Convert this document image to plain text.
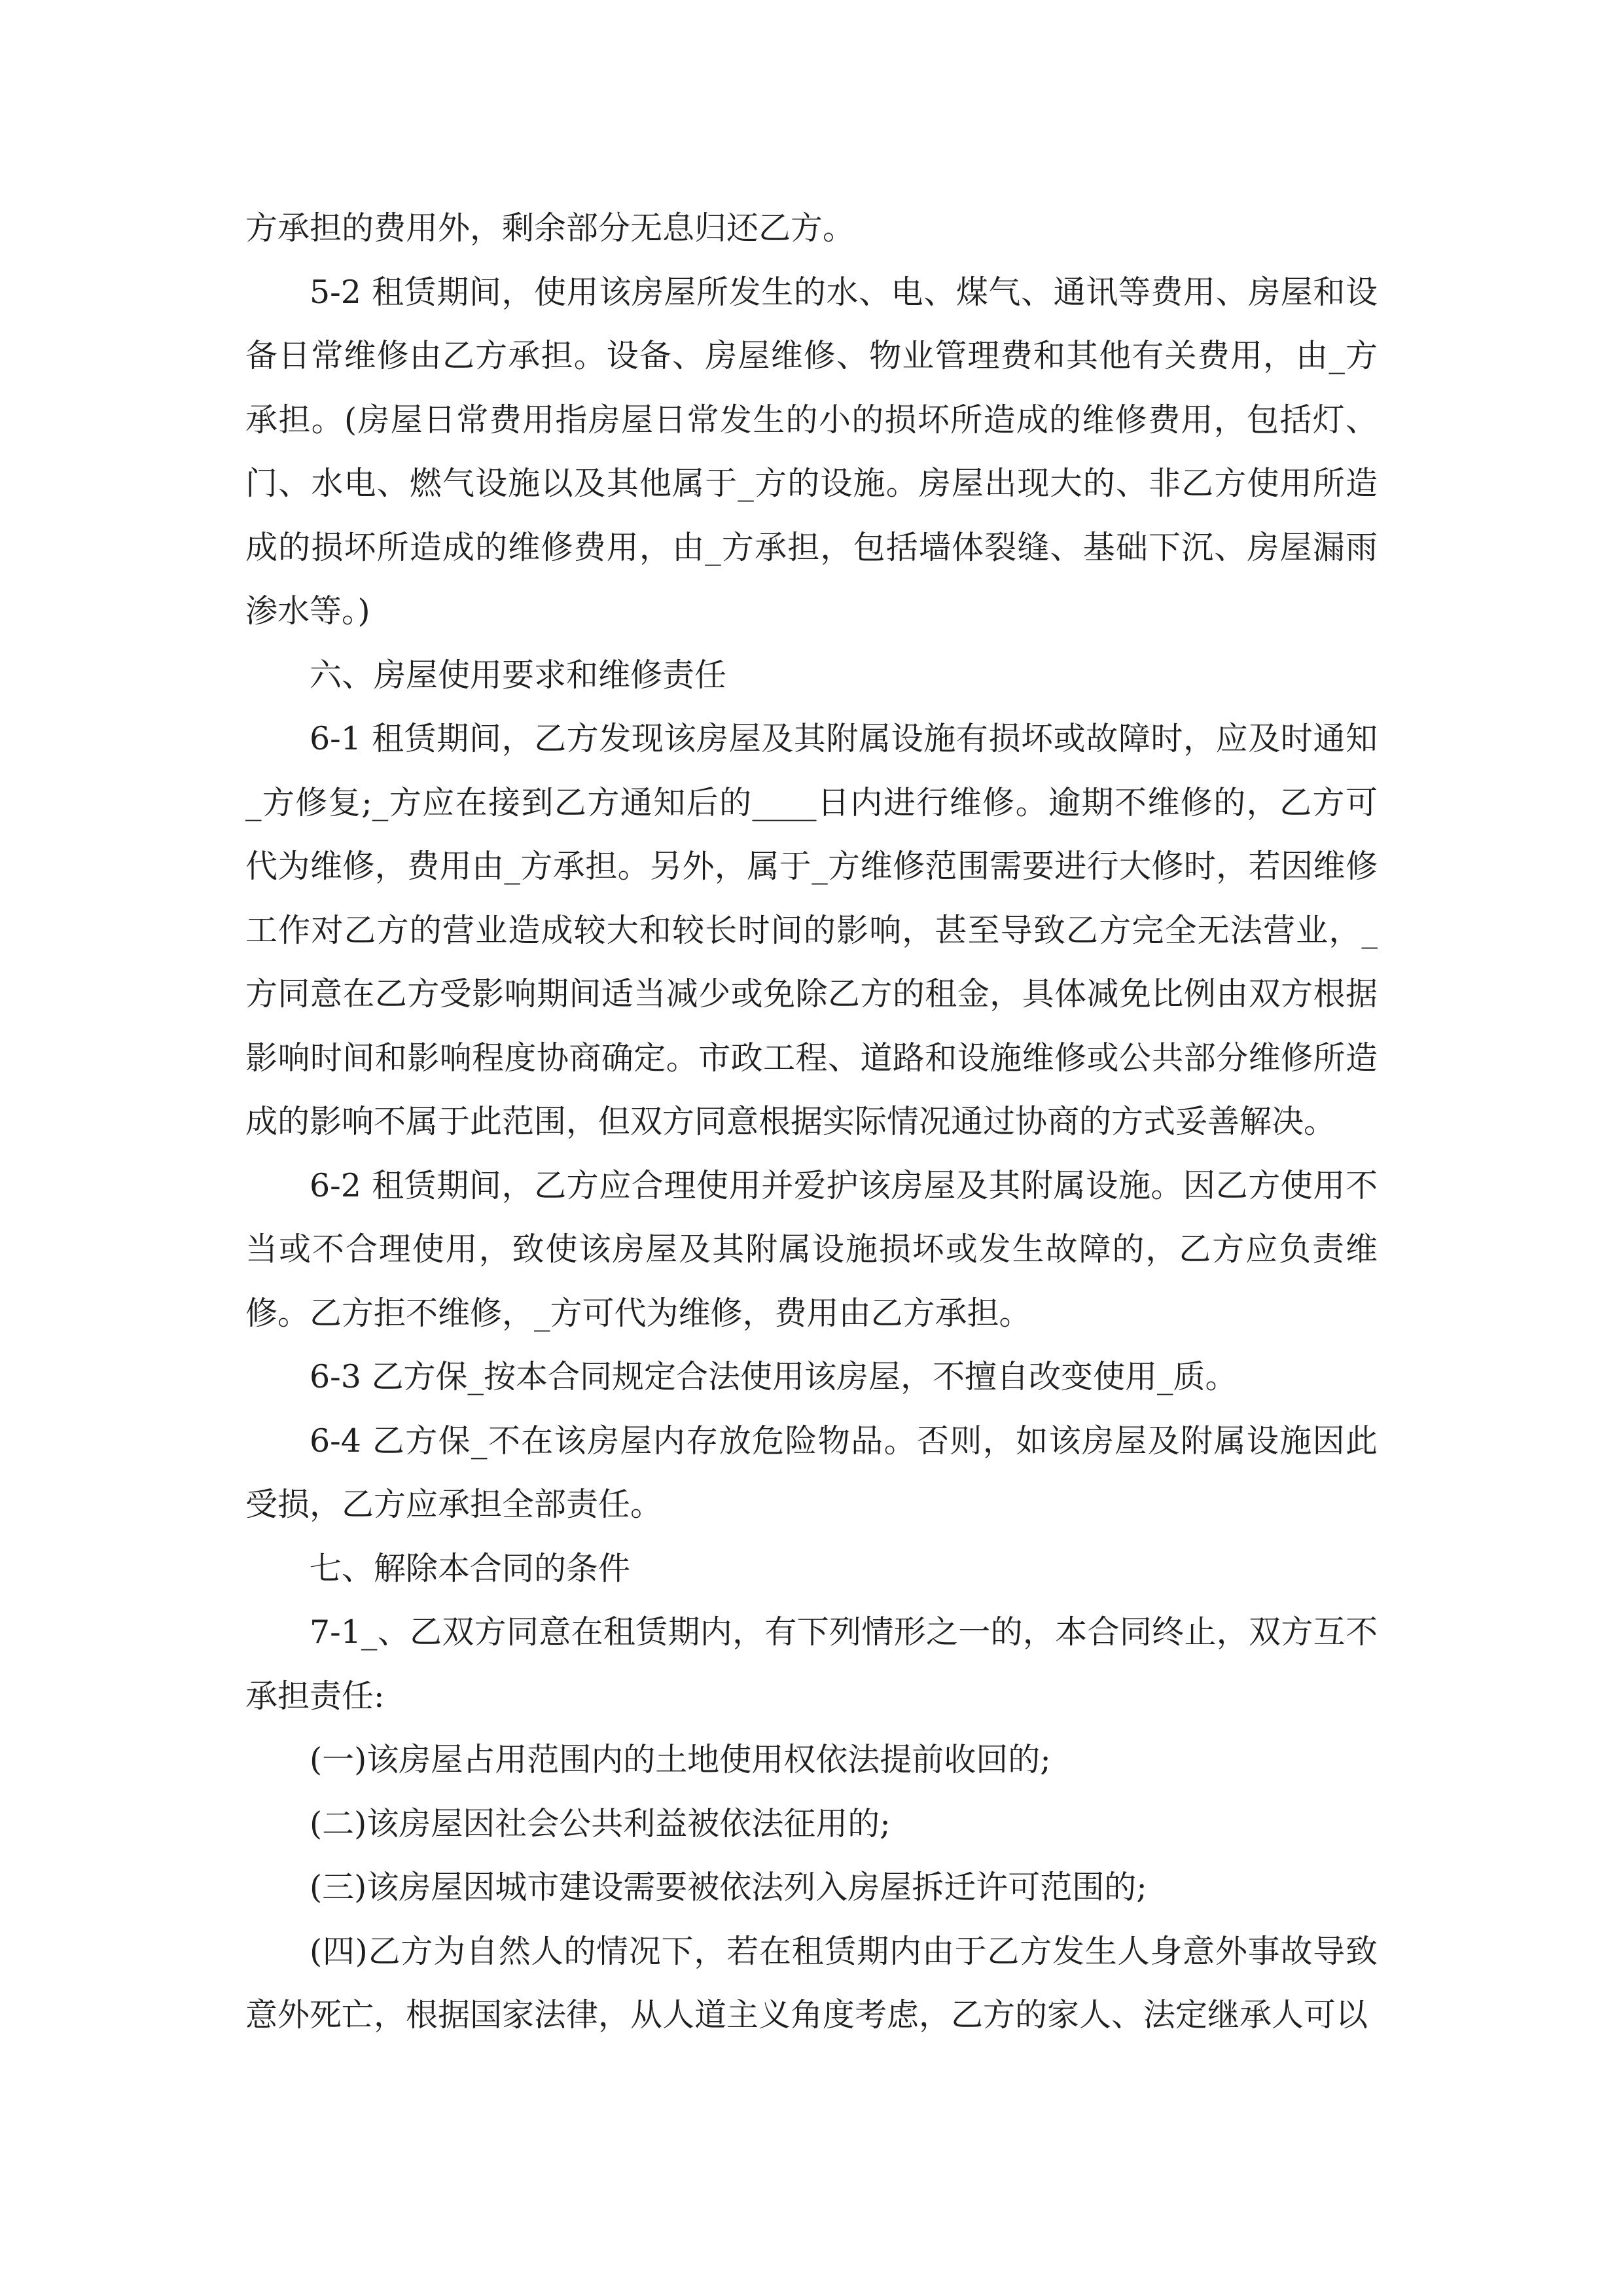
方承担的费用外，剩余部分无息归还乙方。

5-2 租赁期间，使用该房屋所发生的水、电、煤气、通讯等费用、房屋和设备日常维修由乙方承担。设备、房屋维修、物业管理费和其他有关费用，由_方承担。(房屋日常费用指房屋日常发生的小的损坏所造成的维修费用，包括灯、门、水电、燃气设施以及其他属于_方的设施。房屋出现大的、非乙方使用所造成的损坏所造成的维修费用，由_方承担，包括墙体裂缝、基础下沉、房屋漏雨渗水等。)

六、房屋使用要求和维修责任

6-1 租赁期间，乙方发现该房屋及其附属设施有损坏或故障时，应及时通知_方修复;_方应在接到乙方通知后的____日内进行维修。逾期不维修的，乙方可代为维修，费用由_方承担。另外，属于_方维修范围需要进行大修时，若因维修工作对乙方的营业造成较大和较长时间的影响，甚至导致乙方完全无法营业，_方同意在乙方受影响期间适当减少或免除乙方的租金，具体减免比例由双方根据影响时间和影响程度协商确定。市政工程、道路和设施维修或公共部分维修所造成的影响不属于此范围，但双方同意根据实际情况通过协商的方式妥善解决。

6-2 租赁期间，乙方应合理使用并爱护该房屋及其附属设施。因乙方使用不当或不合理使用，致使该房屋及其附属设施损坏或发生故障的，乙方应负责维修。乙方拒不维修，_方可代为维修，费用由乙方承担。

6-3 乙方保_按本合同规定合法使用该房屋，不擅自改变使用_质。

6-4 乙方保_不在该房屋内存放危险物品。否则，如该房屋及附属设施因此受损，乙方应承担全部责任。

七、解除本合同的条件

7-1_、乙双方同意在租赁期内，有下列情形之一的，本合同终止，双方互不承担责任:

(一)该房屋占用范围内的土地使用权依法提前收回的;

(二)该房屋因社会公共利益被依法征用的;

(三)该房屋因城市建设需要被依法列入房屋拆迁许可范围的;

(四)乙方为自然人的情况下，若在租赁期内由于乙方发生人身意外事故导致意外死亡，根据国家法律，从人道主义角度考虑，乙方的家人、法定继承人可以
